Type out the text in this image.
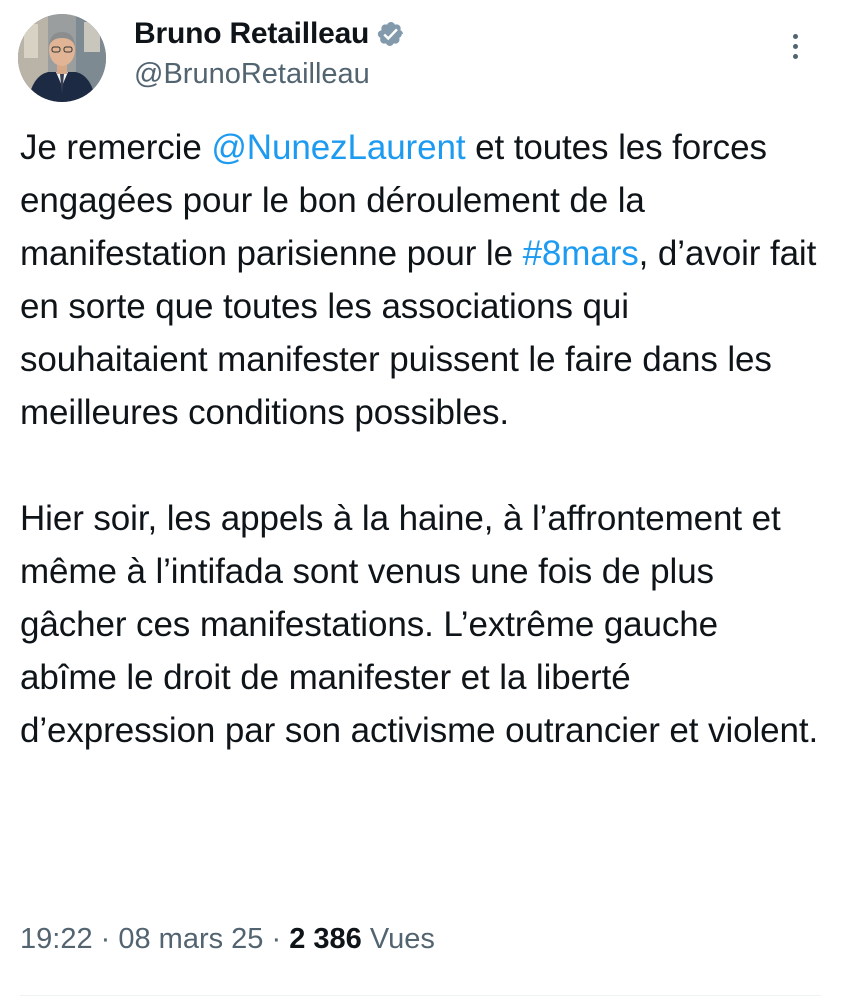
Bruno Retailleau
@BrunoRetailleau

Je remercie @NunezLaurent et toutes les forces engagées pour le bon déroulement de la manifestation parisienne pour le #8mars, d’avoir fait en sorte que toutes les associations qui souhaitaient manifester puissent le faire dans les meilleures conditions possibles.

Hier soir, les appels à la haine, à l’affrontement et même à l’intifada sont venus une fois de plus gâcher ces manifestations. L’extrême gauche abîme le droit de manifester et la liberté d’expression par son activisme outrancier et violent.

19:22 · 08 mars 25 · 2 386 Vues
